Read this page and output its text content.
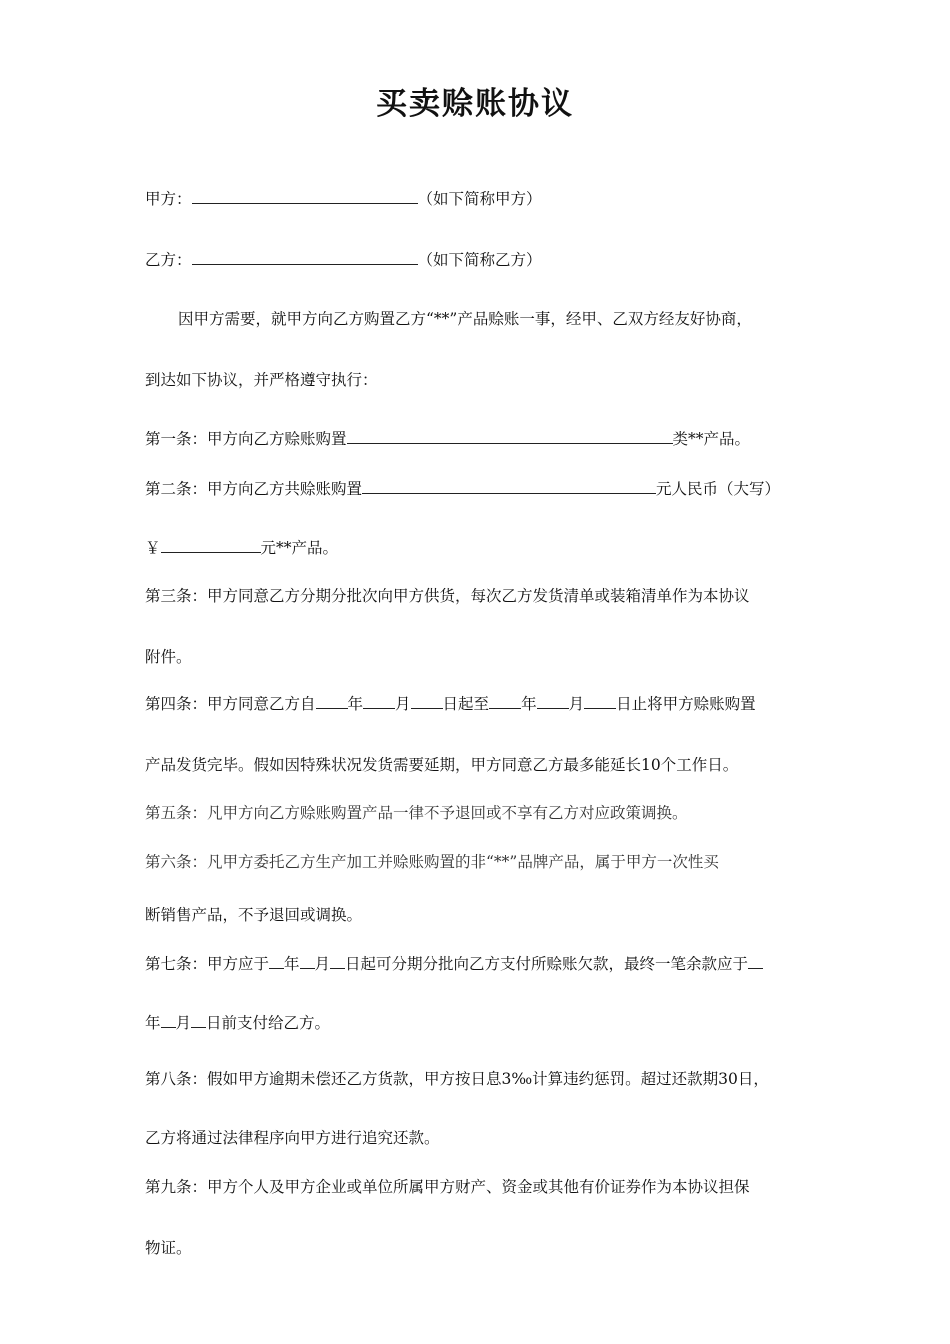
买卖赊账协议
甲方：	（如下简称甲方）
乙方：	（如下简称乙方）
因甲方需要，就甲方向乙方购置乙方“**”产品赊账一事，经甲、乙双方经友好协商，
到达如下协议，并严格遵守执行：
第一条：甲方向乙方赊账购置	类**产品。
第二条：甲方向乙方共赊账购置	元人民币（大写）
￥	元**产品。
第三条：甲方同意乙方分期分批次向甲方供货，每次乙方发货清单或装箱清单作为本协议
附件。
第四条：甲方同意乙方自 年 月 日起至 年 月 日止将甲方赊账购置
产品发货完毕。假如因特殊状况发货需要延期，甲方同意乙方最多能延长10个工作日。
第五条：凡甲方向乙方赊账购置产品一律不予退回或不享有乙方对应政策调换。
第六条：凡甲方委托乙方生产加工并赊账购置的非“**”品牌产品，属于甲方一次性买
断销售产品，不予退回或调换。
第七条：甲方应于 年 月 日起可分期分批向乙方支付所赊账欠款，最终一笔余款应于
年 月 日前支付给乙方。
第八条：假如甲方逾期未偿还乙方货款，甲方按日息3‰计算违约惩罚。超过还款期30日，
乙方将通过法律程序向甲方进行追究还款。
第九条：甲方个人及甲方企业或单位所属甲方财产、资金或其他有价证券作为本协议担保
物证。
